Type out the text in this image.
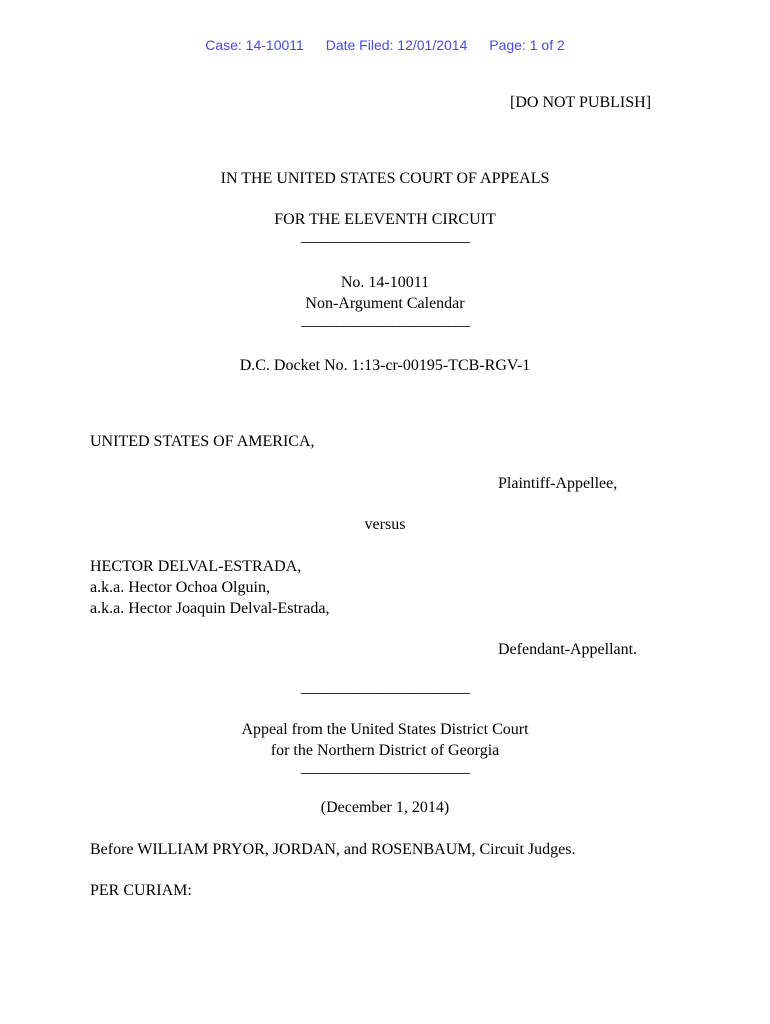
Case: 14-10011 Date Filed: 12/01/2014 Page: 1 of 2
[DO NOT PUBLISH]
IN THE UNITED STATES COURT OF APPEALS
FOR THE ELEVENTH CIRCUIT
________________________
No. 14-10011
Non-Argument Calendar
________________________
D.C. Docket No. 1:13-cr-00195-TCB-RGV-1
UNITED STATES OF AMERICA,
Plaintiff-Appellee,
versus
HECTOR DELVAL-ESTRADA,
a.k.a. Hector Ochoa Olguin,
a.k.a. Hector Joaquin Delval-Estrada,
Defendant-Appellant.
________________________
Appeal from the United States District Court
for the Northern District of Georgia
________________________
(December 1, 2014)
Before WILLIAM PRYOR, JORDAN, and ROSENBAUM, Circuit Judges.
PER CURIAM:
